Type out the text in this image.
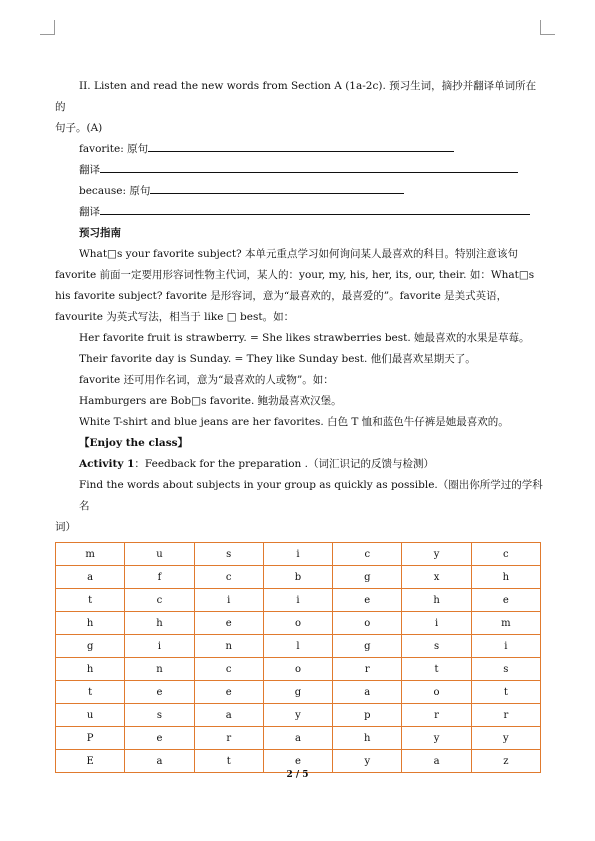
II. Listen and read the new words from Section A (1a-2c). 预习生词，摘抄并翻译单词所在的

句子。(A)

favorite: 原句

翻译

because: 原句

翻译

预习指南

What□s your favorite subject? 本单元重点学习如何询问某人最喜欢的科目。特别注意该句

favorite 前面一定要用形容词性物主代词，某人的：your, my, his, her, its, our, their. 如：What□s

his favorite subject? favorite 是形容词，意为“最喜欢的，最喜爱的”。favorite 是美式英语，

favourite 为英式写法，相当于 like □ best。如：

Her favorite fruit is strawberry. = She likes strawberries best. 她最喜欢的水果是草莓。

Their favorite day is Sunday. = They like Sunday best. 他们最喜欢星期天了。

favorite 还可用作名词，意为“最喜欢的人或物”。如：

Hamburgers are Bob□s favorite. 鲍勃最喜欢汉堡。

White T-shirt and blue jeans are her favorites. 白色 T 恤和蓝色牛仔裤是她最喜欢的。

【Enjoy the class】

Activity 1：Feedback for the preparation .（词汇识记的反馈与检测）

Find the words about subjects in your group as quickly as possible.（圈出你所学过的学科名

词）

m	u	s	i	c	y	c
a	f	c	b	g	x	h
t	c	i	i	e	h	e
h	h	e	o	o	i	m
g	i	n	l	g	s	i
h	n	c	o	r	t	s
t	e	e	g	a	o	t
u	s	a	y	p	r	r
P	e	r	a	h	y	y
E	a	t	e	y	a	z
2 / 5
